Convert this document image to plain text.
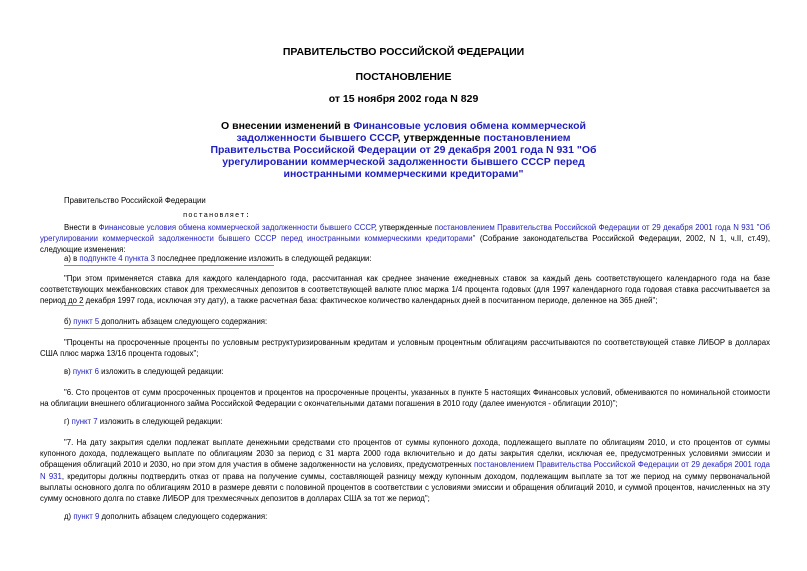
ПРАВИТЕЛЬСТВО РОССИЙСКОЙ ФЕДЕРАЦИИ
ПОСТАНОВЛЕНИЕ
от 15 ноября 2002 года N 829
О внесении изменений в Финансовые условия обмена коммерческой задолженности бывшего СССР, утвержденные постановлением Правительства Российской Федерации от 29 декабря 2001 года N 931 "Об урегулировании коммерческой задолженности бывшего СССР перед иностранными коммерческими кредиторами"
Правительство Российской Федерации
постановляет:
Внести в Финансовые условия обмена коммерческой задолженности бывшего СССР, утвержденные постановлением Правительства Российской Федерации от 29 декабря 2001 года N 931 "Об урегулировании коммерческой задолженности бывшего СССР перед иностранными коммерческими кредиторами" (Собрание законодательства Российской Федерации, 2002, N 1, ч.II, ст.49), следующие изменения:
а) в подпункте 4 пункта 3 последнее предложение изложить в следующей редакции:
"При этом применяется ставка для каждого календарного года, рассчитанная как среднее значение ежедневных ставок за каждый день соответствующего календарного года на базе соответствующих межбанковских ставок для трехмесячных депозитов в соответствующей валюте плюс маржа 1/4 процента годовых (для 1997 календарного года годовая ставка рассчитывается за период до 2 декабря 1997 года, исключая эту дату), а также расчетная база: фактическое количество календарных дней в посчитанном периоде, деленное на 365 дней";
б) пункт 5 дополнить абзацем следующего содержания:
"Проценты на просроченные проценты по условным реструктуризированным кредитам и условным процентным облигациям рассчитываются по соответствующей ставке ЛИБОР в долларах США плюс маржа 13/16 процента годовых";
в) пункт 6 изложить в следующей редакции:
"6. Сто процентов от сумм просроченных процентов и процентов на просроченные проценты, указанных в пункте 5 настоящих Финансовых условий, обмениваются по номинальной стоимости на облигации внешнего облигационного займа Российской Федерации с окончательными датами погашения в 2010 году (далее именуются - облигации 2010)";
г) пункт 7 изложить в следующей редакции:
"7. На дату закрытия сделки подлежат выплате денежными средствами сто процентов от суммы купонного дохода, подлежащего выплате по облигациям 2010, и сто процентов от суммы купонного дохода, подлежащего выплате по облигациям 2030 за период с 31 марта 2000 года включительно и до даты закрытия сделки, исключая ее, предусмотренных условиями эмиссии и обращения облигаций 2010 и 2030, но при этом для участия в обмене задолженности на условиях, предусмотренных постановлением Правительства Российской Федерации от 29 декабря 2001 года N 931, кредиторы должны подтвердить отказ от права на получение суммы, составляющей разницу между купонным доходом, подлежащим выплате за тот же период на сумму первоначальной выплаты основного долга по облигациям 2010 в размере девяти с половиной процентов в соответствии с условиями эмиссии и обращения облигаций 2010, и суммой процентов, начисленных на эту сумму основного долга по ставке ЛИБОР для трехмесячных депозитов в долларах США за тот же период";
д) пункт 9 дополнить абзацем следующего содержания:
